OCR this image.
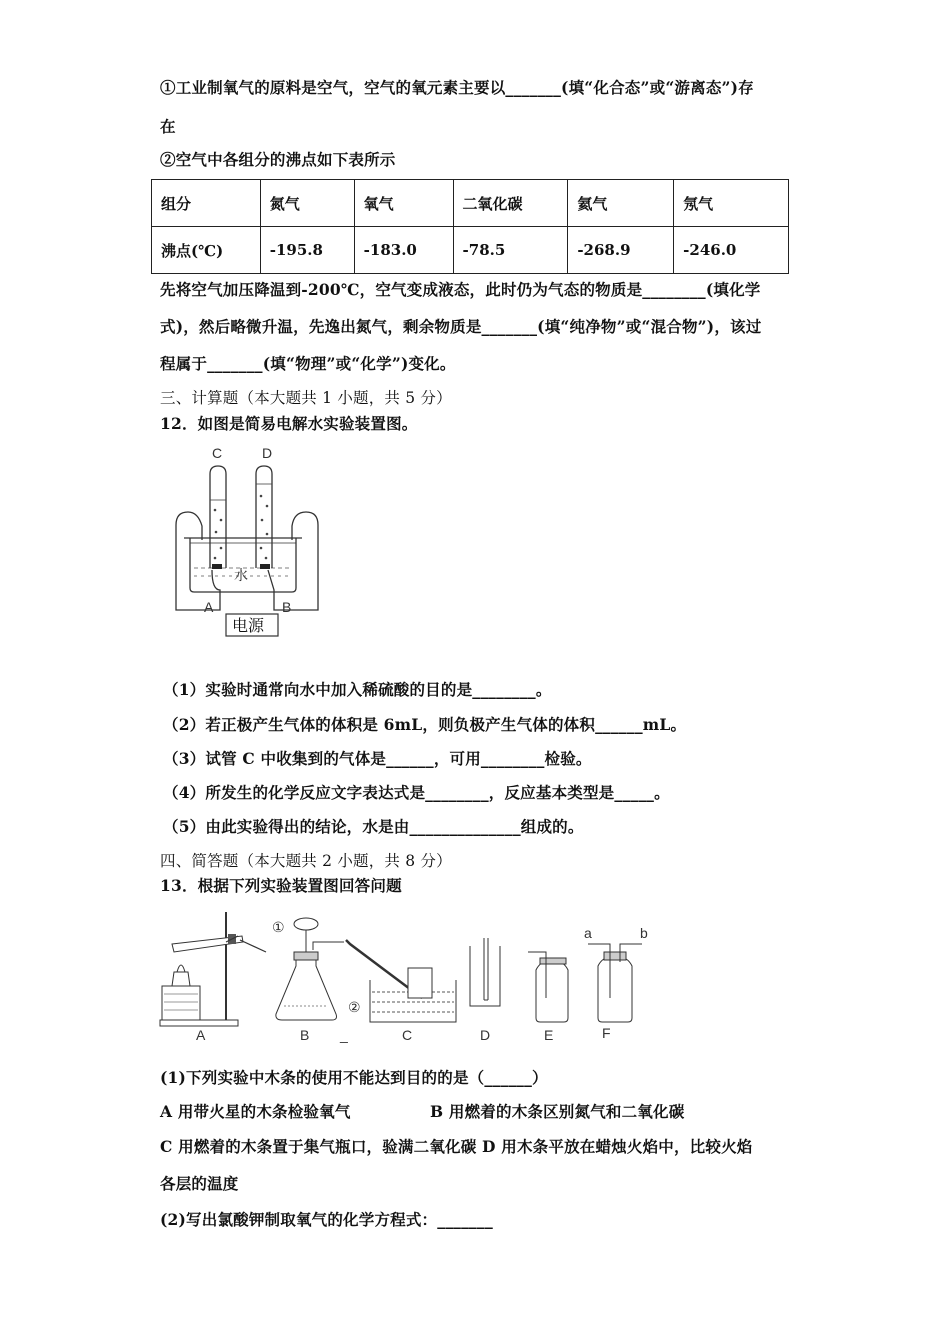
①工业制氧气的原料是空气，空气的氧元素主要以_______(填“化合态”或“游离态”)存
在
②空气中各组分的沸点如下表所示
组分	氮气	氧气	二氧化碳	氦气	氖气
沸点(℃)	-195.8	-183.0	-78.5	-268.9	-246.0
先将空气加压降温到-200℃，空气变成液态，此时仍为气态的物质是________(填化学
式)，然后略微升温，先逸出氮气，剩余物质是_______(填“纯净物”或“混合物”)，该过
程属于_______(填“物理”或“化学”)变化。
三、计算题（本大题共 1 小题，共 5 分）
12．如图是简易电解水实验装置图。
C	D
水
A	B
电源
（1）实验时通常向水中加入稀硫酸的目的是________。
（2）若正极产生气体的体积是 6mL，则负极产生气体的体积______mL。
（3）试管 C 中收集到的气体是______，可用________检验。
（4）所发生的化学反应文字表达式是________，反应基本类型是_____。
（5）由此实验得出的结论，水是由______________组成的。
四、简答题（本大题共 2 小题，共 8 分）
13．根据下列实验装置图回答问题
A
①
B _
②
C	D	E
a	b
F
(1)下列实验中木条的使用不能达到目的的是（______）
A 用带火星的木条检验氧气	B 用燃着的木条区别氮气和二氧化碳
C 用燃着的木条置于集气瓶口，验满二氧化碳 D 用木条平放在蜡烛火焰中，比较火焰
各层的温度
(2)写出氯酸钾制取氧气的化学方程式：_______
